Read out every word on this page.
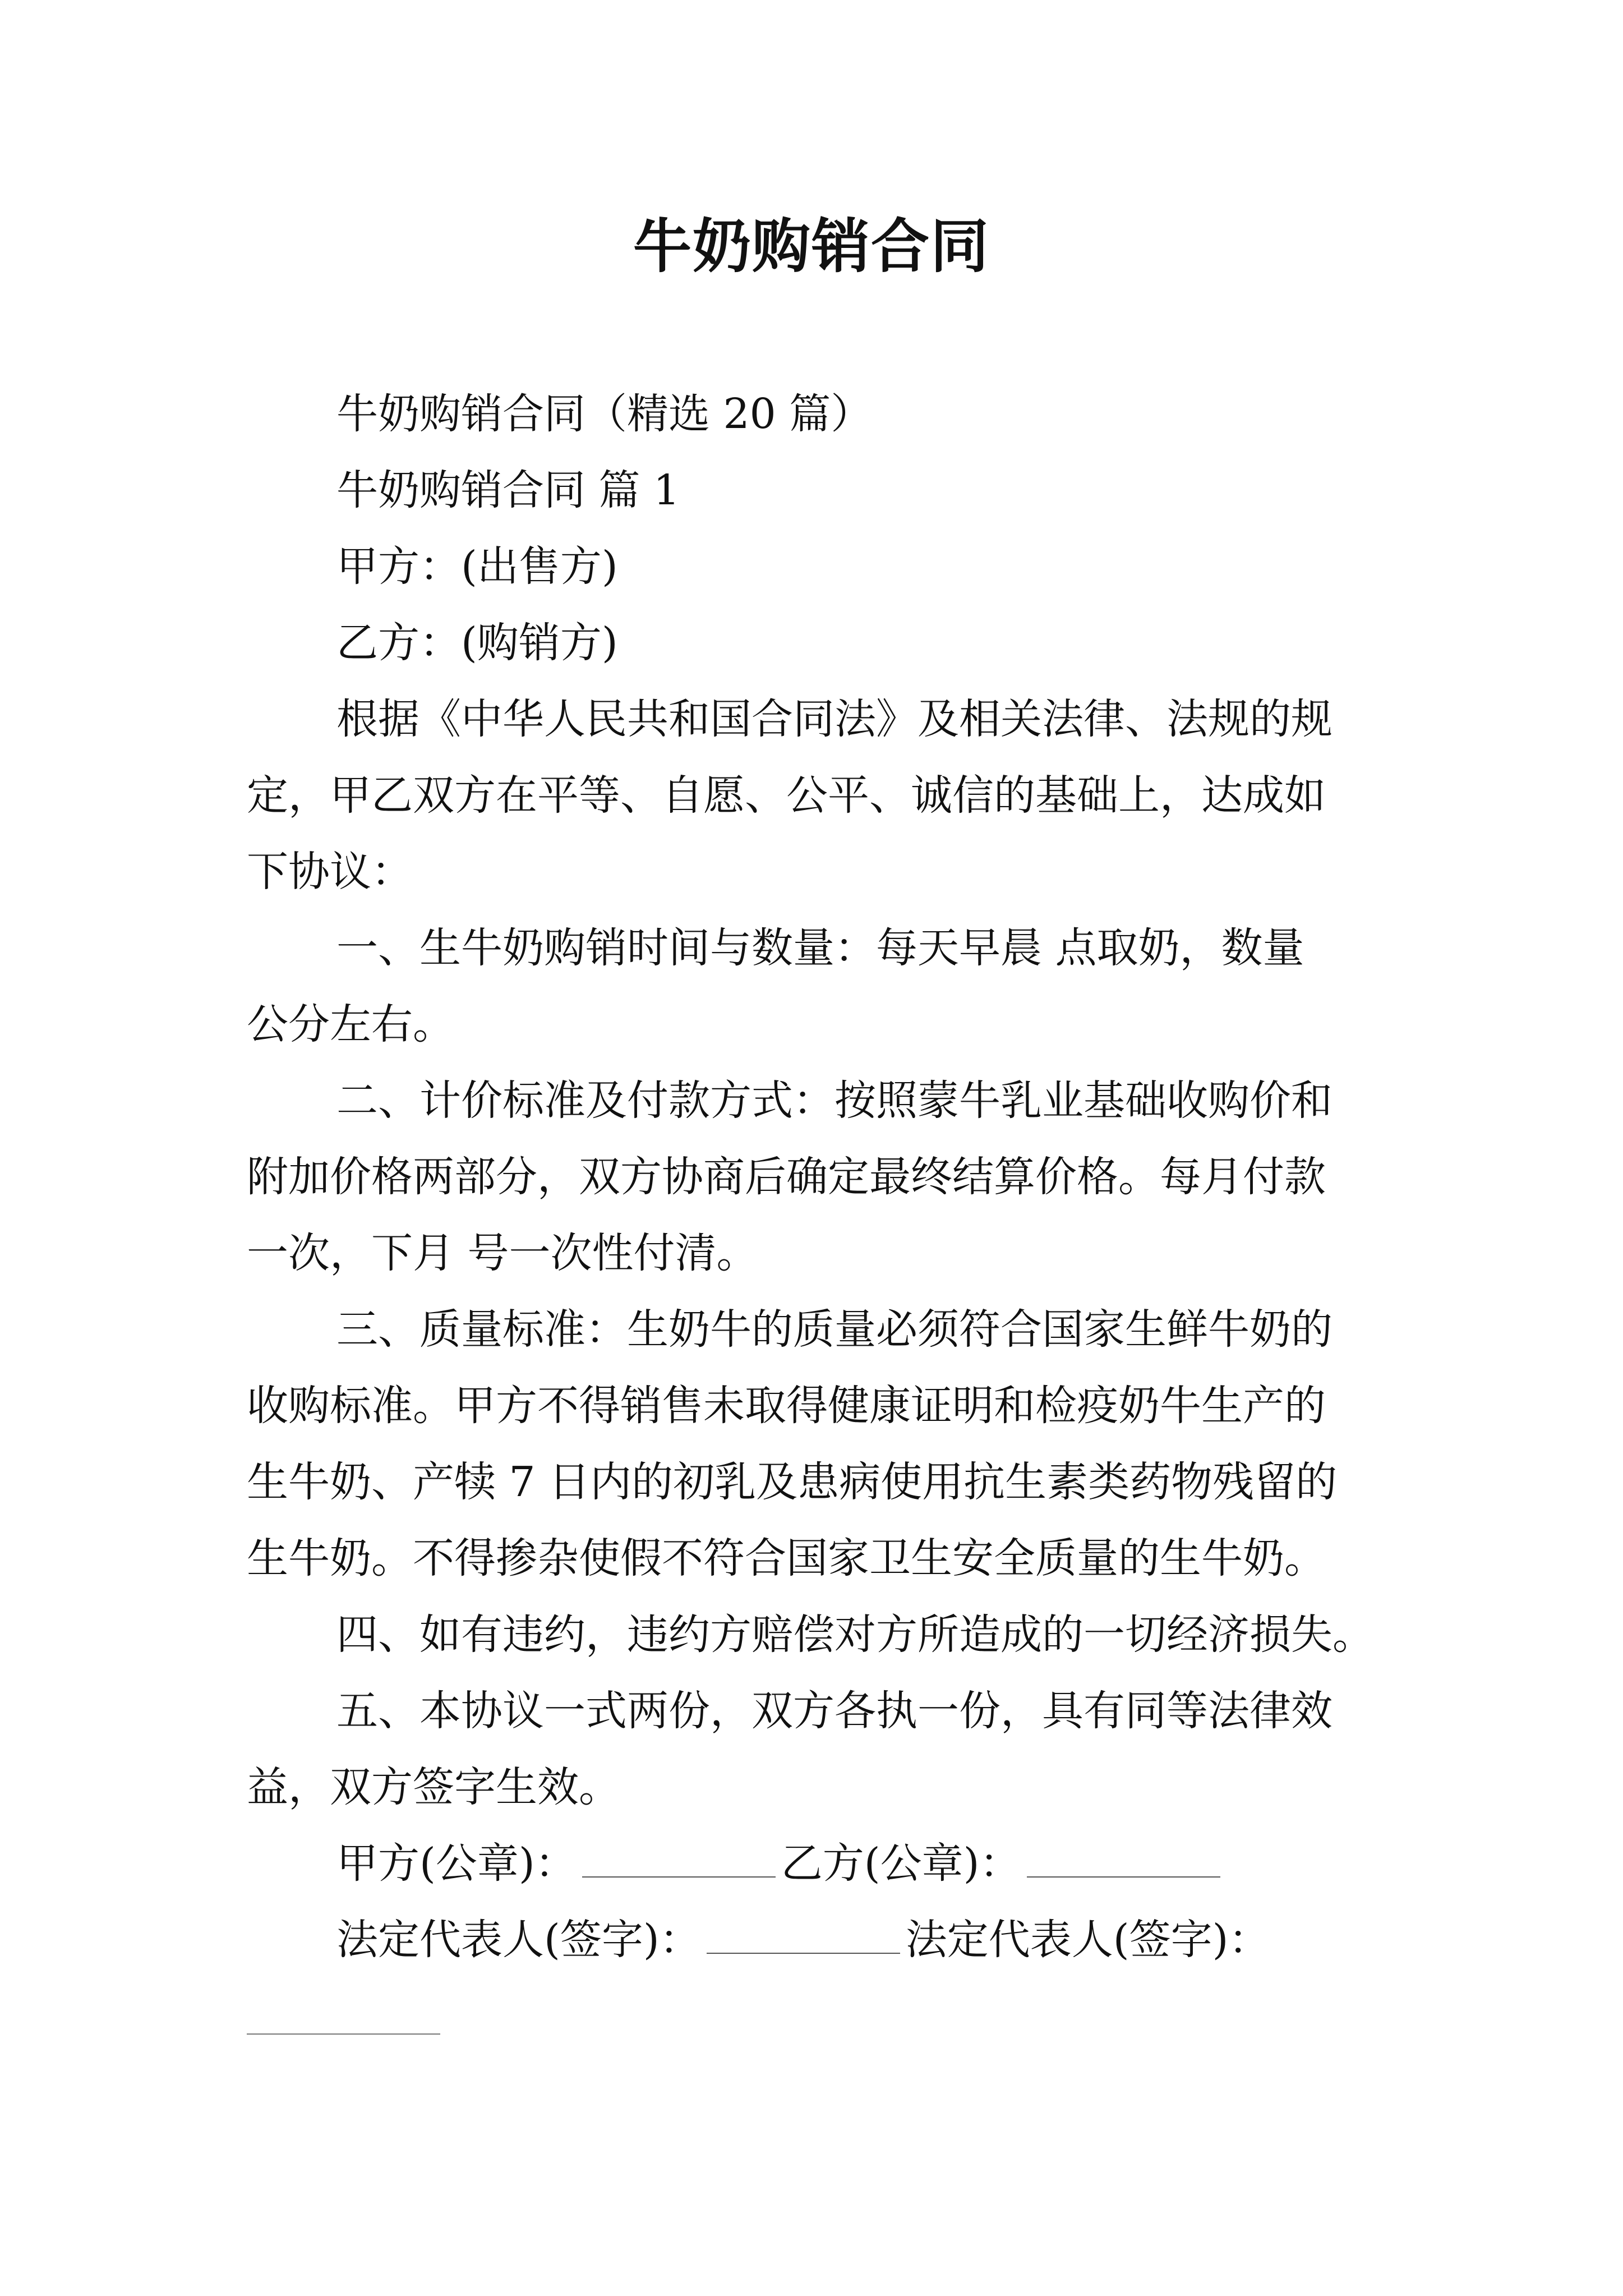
牛奶购销合同
牛奶购销合同（精选 20 篇）
牛奶购销合同 篇 1
甲方：(出售方)
乙方：(购销方)
根据《中华人民共和国合同法》及相关法律、法规的规
定，甲乙双方在平等、自愿、公平、诚信的基础上，达成如
下协议：
一、生牛奶购销时间与数量：每天早晨 点取奶，数量
公分左右。
二、计价标准及付款方式：按照蒙牛乳业基础收购价和
附加价格两部分，双方协商后确定最终结算价格。每月付款
一次，下月 号一次性付清。
三、质量标准：生奶牛的质量必须符合国家生鲜牛奶的
收购标准。甲方不得销售未取得健康证明和检疫奶牛生产的
生牛奶、产犊 7 日内的初乳及患病使用抗生素类药物残留的
生牛奶。不得掺杂使假不符合国家卫生安全质量的生牛奶。
四、如有违约，违约方赔偿对方所造成的一切经济损失。
五、本协议一式两份，双方各执一份，具有同等法律效
益，双方签字生效。
甲方(公章)：	乙方(公章)：
法定代表人(签字)：	法定代表人(签字)：
